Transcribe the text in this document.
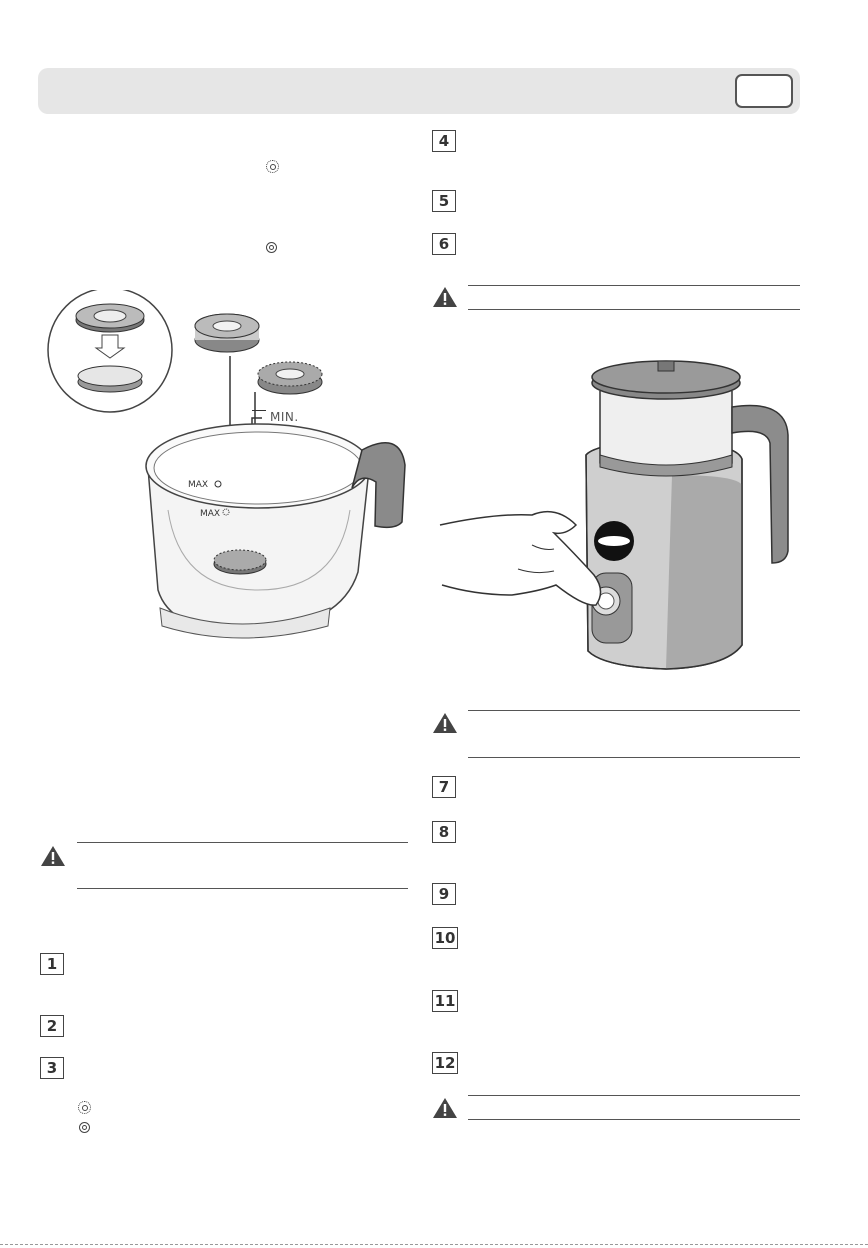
MAX
MAX
MIN.
1
2
3
4
5
6
7
8
9
10
11
12
